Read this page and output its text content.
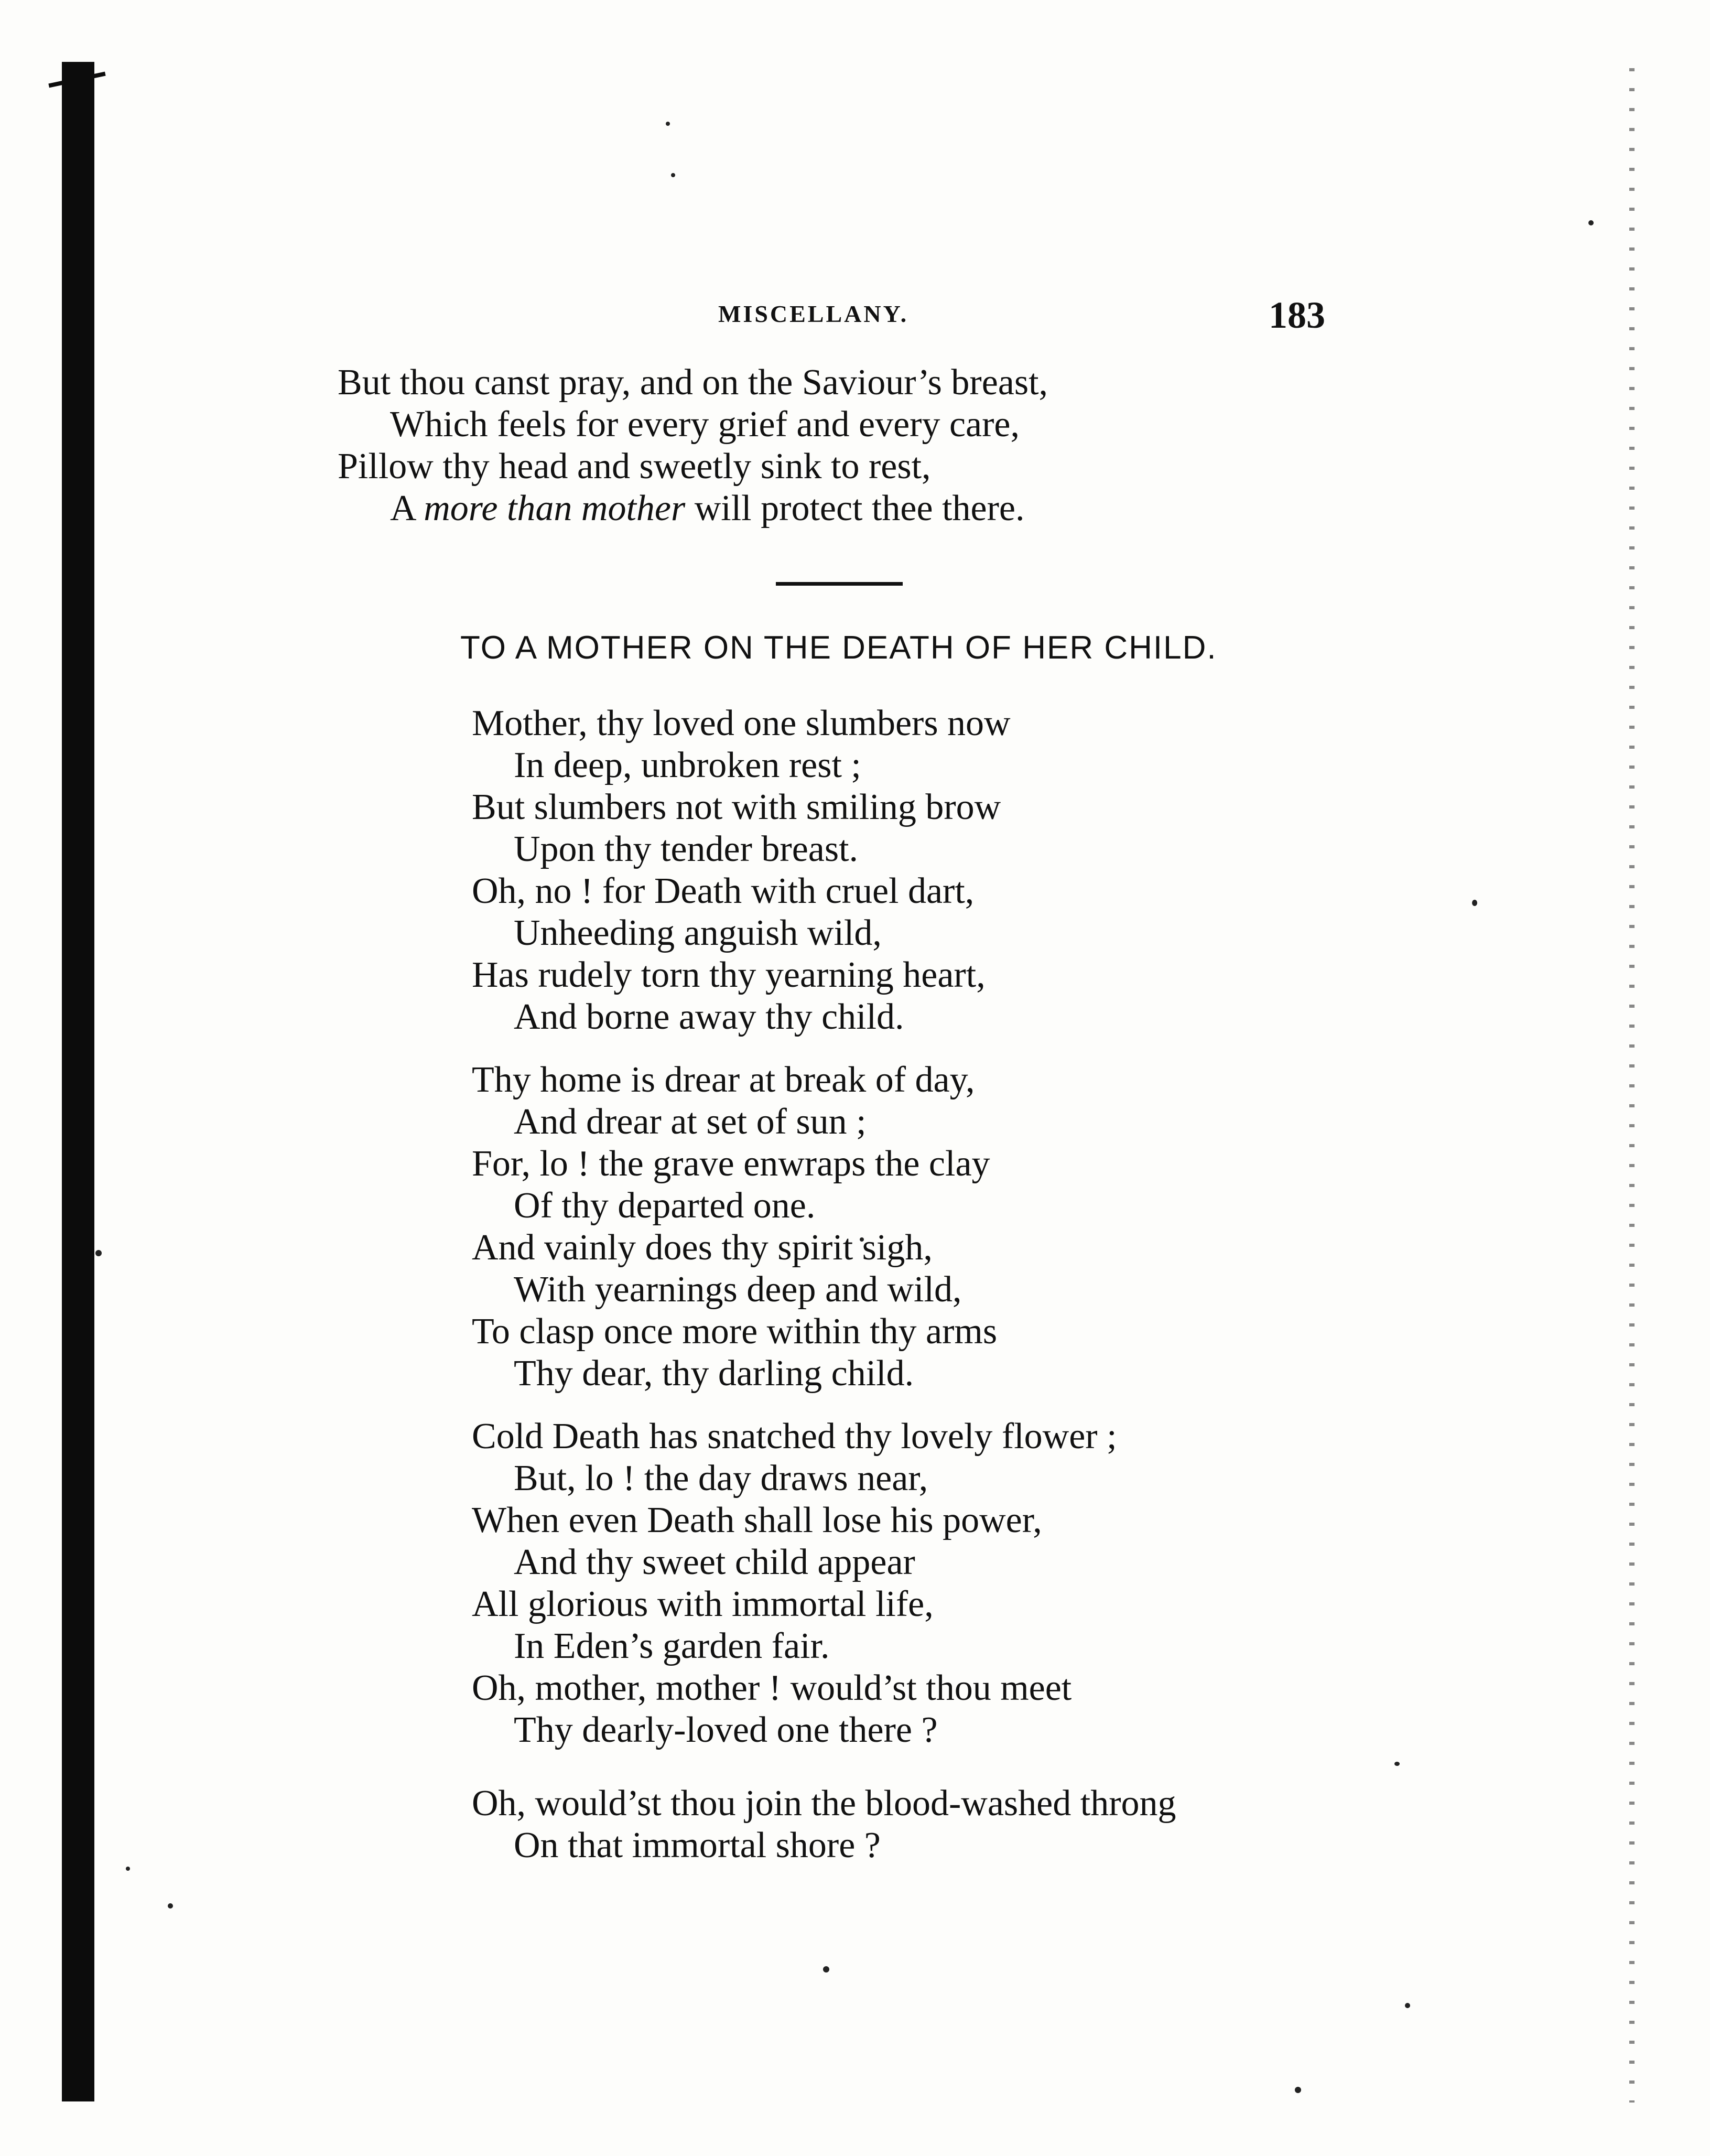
MISCELLANY.	183
But thou canst pray, and on the Saviour’s breast,
Which feels for every grief and every care,
Pillow thy head and sweetly sink to rest,
A more than mother will protect thee there.
TO A MOTHER ON THE DEATH OF HER CHILD.
Mother, thy loved one slumbers now
In deep, unbroken rest ;
But slumbers not with smiling brow
Upon thy tender breast.
Oh, no ! for Death with cruel dart,
Unheeding anguish wild,
Has rudely torn thy yearning heart,
And borne away thy child.
Thy home is drear at break of day,
And drear at set of sun ;
For, lo ! the grave enwraps the clay
Of thy departed one.
And vainly does thy spirit sigh,
With yearnings deep and wild,
To clasp once more within thy arms
Thy dear, thy darling child.
Cold Death has snatched thy lovely flower ;
But, lo ! the day draws near,
When even Death shall lose his power,
And thy sweet child appear
All glorious with immortal life,
In Eden’s garden fair.
Oh, mother, mother ! would’st thou meet
Thy dearly-loved one there ?
Oh, would’st thou join the blood-washed throng
On that immortal shore ?
